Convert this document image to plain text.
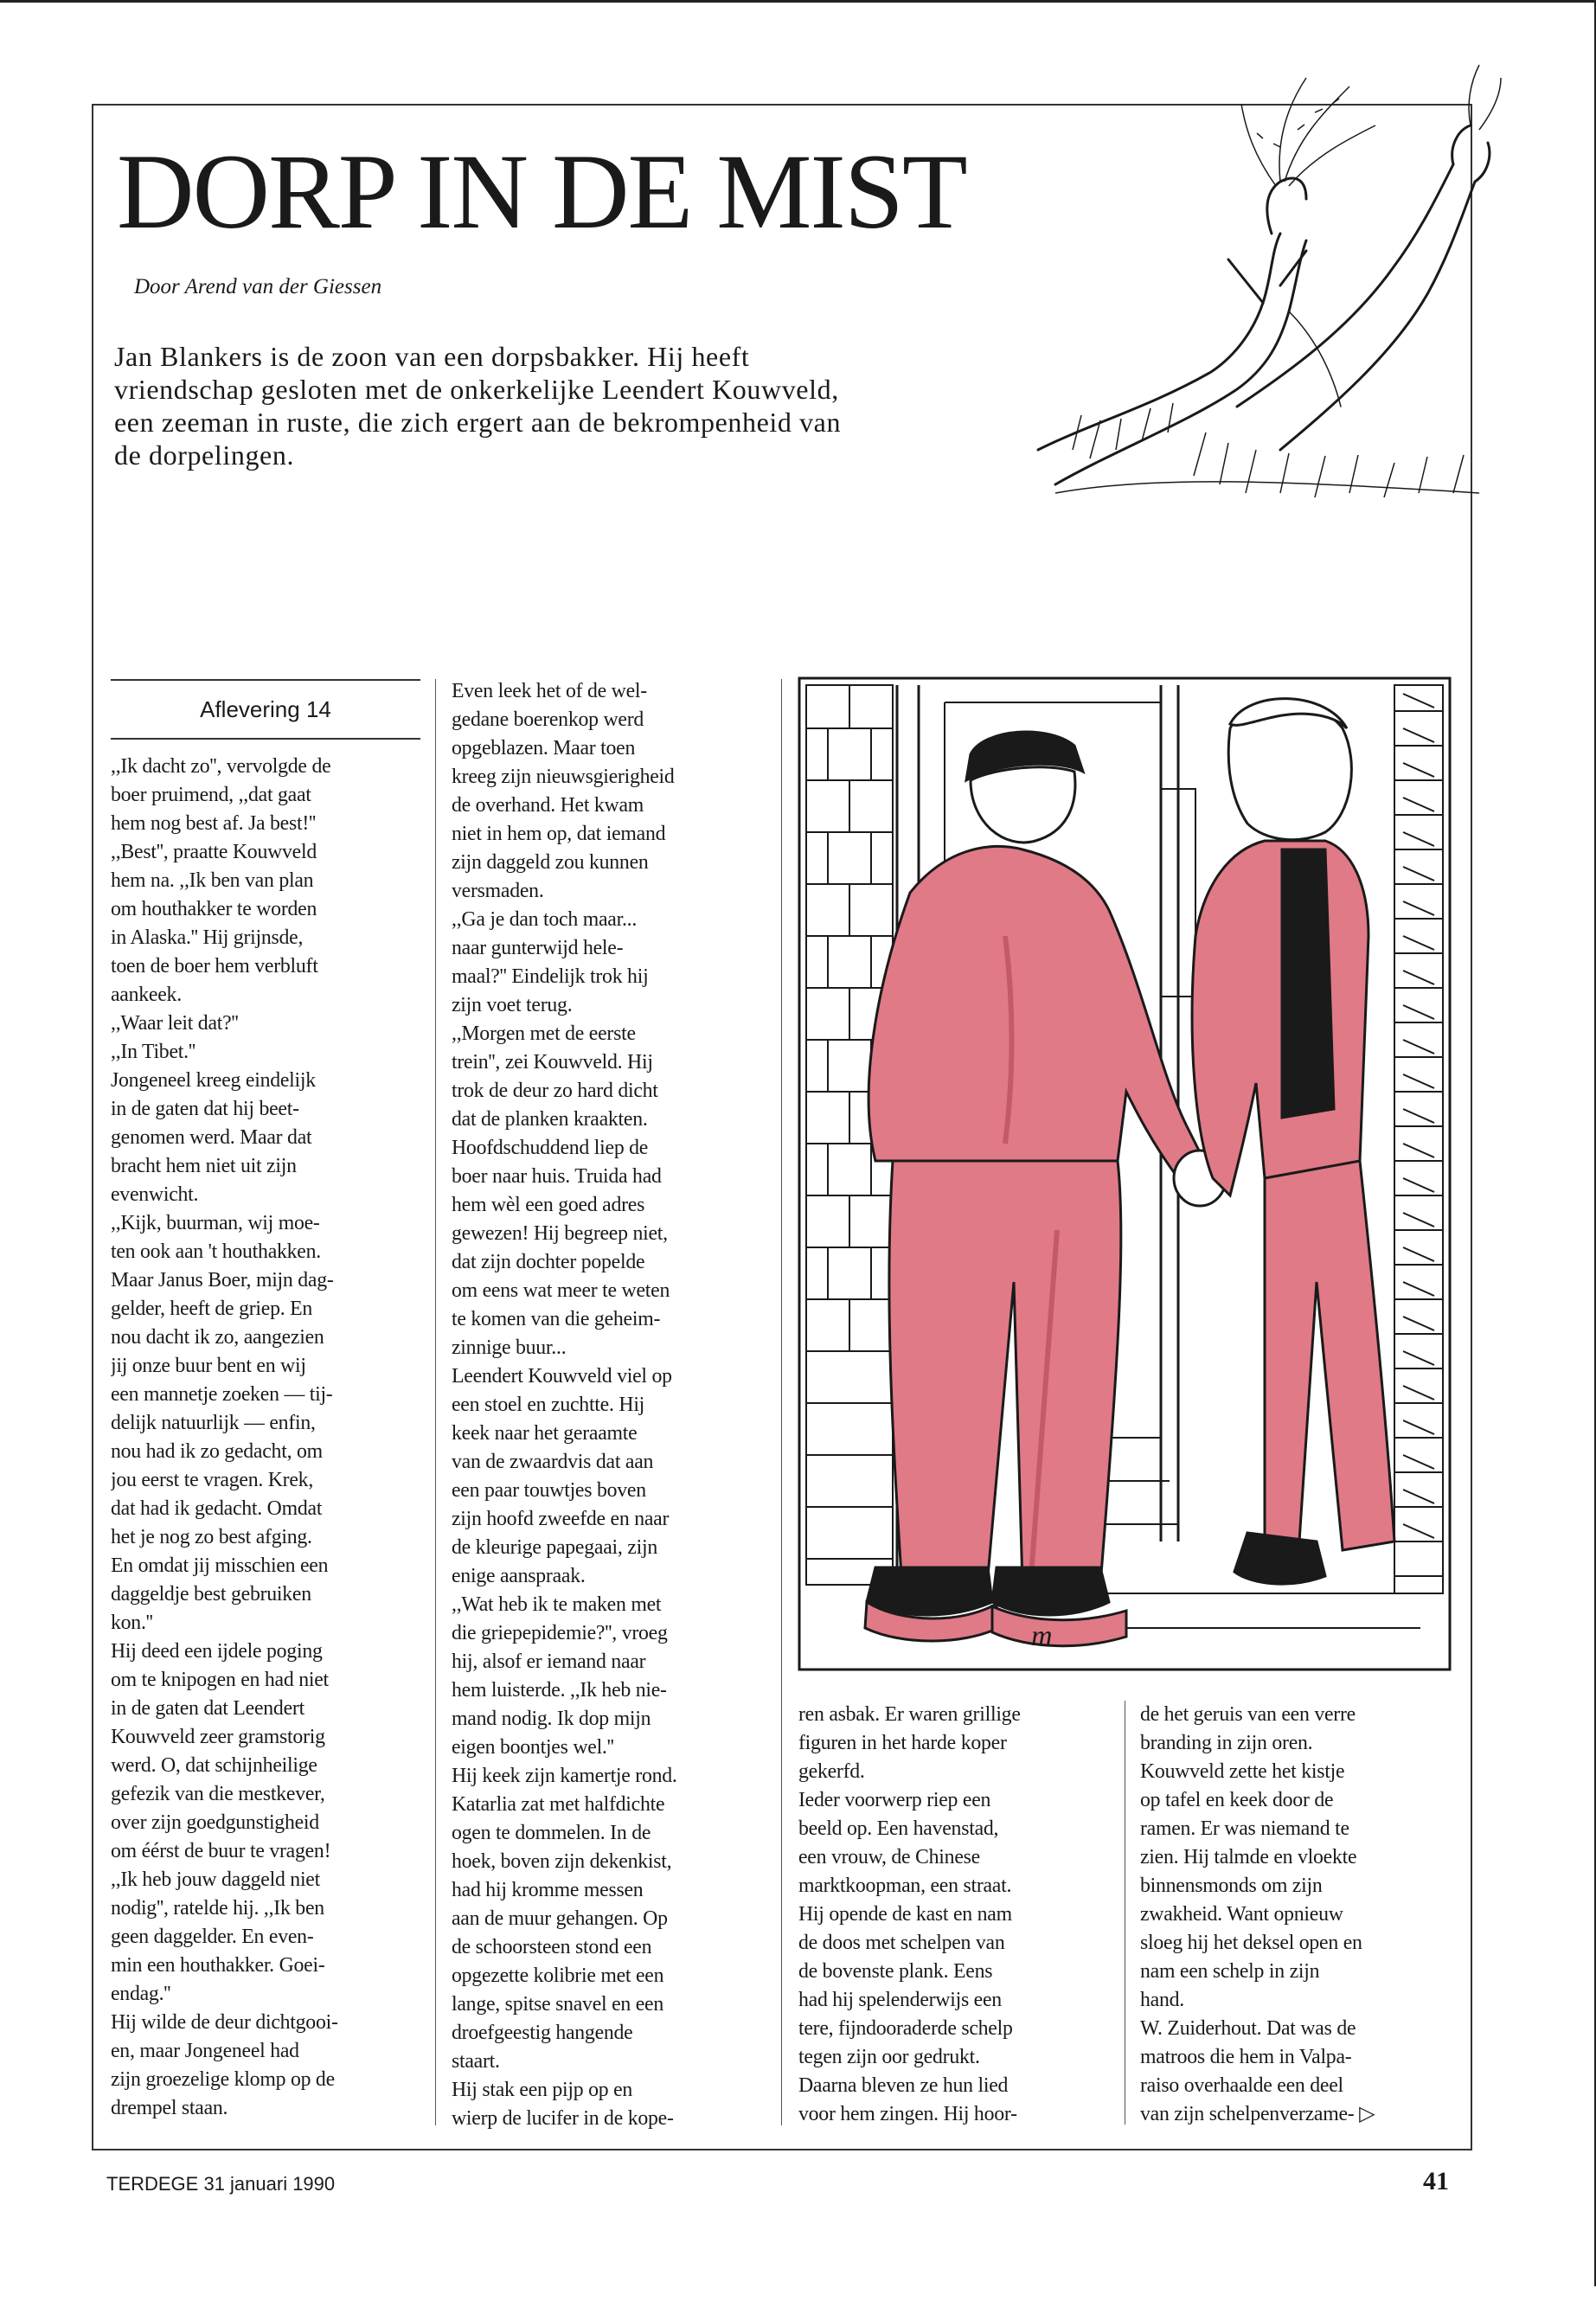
DORP IN DE MIST
Door Arend van der Giessen
Jan Blankers is de zoon van een dorpsbakker. Hij heeft vriendschap gesloten met de onkerkelijke Leendert Kouwveld, een zeeman in ruste, die zich ergert aan de bekrompenheid van de dorpelingen.
Aflevering 14
,,Ik dacht zo'', vervolgde de
boer pruimend, ,,dat gaat
hem nog best af. Ja best!''
,,Best'', praatte Kouwveld
hem na. ,,Ik ben van plan
om houthakker te worden
in Alaska.'' Hij grijnsde,
toen de boer hem verbluft
aankeek.
,,Waar leit dat?''
,,In Tibet.''
Jongeneel kreeg eindelijk
in de gaten dat hij beet-
genomen werd. Maar dat
bracht hem niet uit zijn
evenwicht.
,,Kijk, buurman, wij moe-
ten ook aan 't houthakken.
Maar Janus Boer, mijn dag-
gelder, heeft de griep. En
nou dacht ik zo, aangezien
jij onze buur bent en wij
een mannetje zoeken — tij-
delijk natuurlijk — enfin,
nou had ik zo gedacht, om
jou eerst te vragen. Krek,
dat had ik gedacht. Omdat
het je nog zo best afging.
En omdat jij misschien een
daggeldje best gebruiken
kon.''
Hij deed een ijdele poging
om te knipogen en had niet
in de gaten dat Leendert
Kouwveld zeer gramstorig
werd. O, dat schijnheilige
gefezik van die mestkever,
over zijn goedgunstigheid
om éérst de buur te vragen!
,,Ik heb jouw daggeld niet
nodig'', ratelde hij. ,,Ik ben
geen daggelder. En even-
min een houthakker. Goei-
endag.''
Hij wilde de deur dichtgooi-
en, maar Jongeneel had
zijn groezelige klomp op de
drempel staan.
Even leek het of de wel-
gedane boerenkop werd
opgeblazen. Maar toen
kreeg zijn nieuwsgierigheid
de overhand. Het kwam
niet in hem op, dat iemand
zijn daggeld zou kunnen
versmaden.
,,Ga je dan toch maar...
naar gunterwijd hele-
maal?'' Eindelijk trok hij
zijn voet terug.
,,Morgen met de eerste
trein'', zei Kouwveld. Hij
trok de deur zo hard dicht
dat de planken kraakten.
Hoofdschuddend liep de
boer naar huis. Truida had
hem wèl een goed adres
gewezen! Hij begreep niet,
dat zijn dochter popelde
om eens wat meer te weten
te komen van die geheim-
zinnige buur...
Leendert Kouwveld viel op
een stoel en zuchtte. Hij
keek naar het geraamte
van de zwaardvis dat aan
een paar touwtjes boven
zijn hoofd zweefde en naar
de kleurige papegaai, zijn
enige aanspraak.
,,Wat heb ik te maken met
die griepepidemie?'', vroeg
hij, alsof er iemand naar
hem luisterde. ,,Ik heb nie-
mand nodig. Ik dop mijn
eigen boontjes wel.''
Hij keek zijn kamertje rond.
Katarlia zat met halfdichte
ogen te dommelen. In de
hoek, boven zijn dekenkist,
had hij kromme messen
aan de muur gehangen. Op
de schoorsteen stond een
opgezette kolibrie met een
lange, spitse snavel en een
droefgeestig hangende
staart.
Hij stak een pijp op en
wierp de lucifer in de kope-
m
ren asbak. Er waren grillige
figuren in het harde koper
gekerfd.
Ieder voorwerp riep een
beeld op. Een havenstad,
een vrouw, de Chinese
marktkoopman, een straat.
Hij opende de kast en nam
de doos met schelpen van
de bovenste plank. Eens
had hij spelenderwijs een
tere, fijndooraderde schelp
tegen zijn oor gedrukt.
Daarna bleven ze hun lied
voor hem zingen. Hij hoor-
de het geruis van een verre
branding in zijn oren.
Kouwveld zette het kistje
op tafel en keek door de
ramen. Er was niemand te
zien. Hij talmde en vloekte
binnensmonds om zijn
zwakheid. Want opnieuw
sloeg hij het deksel open en
nam een schelp in zijn
hand.
W. Zuiderhout. Dat was de
matroos die hem in Valpa-
raiso overhaalde een deel
van zijn schelpenverzame- ▷
TERDEGE 31 januari 1990	41
